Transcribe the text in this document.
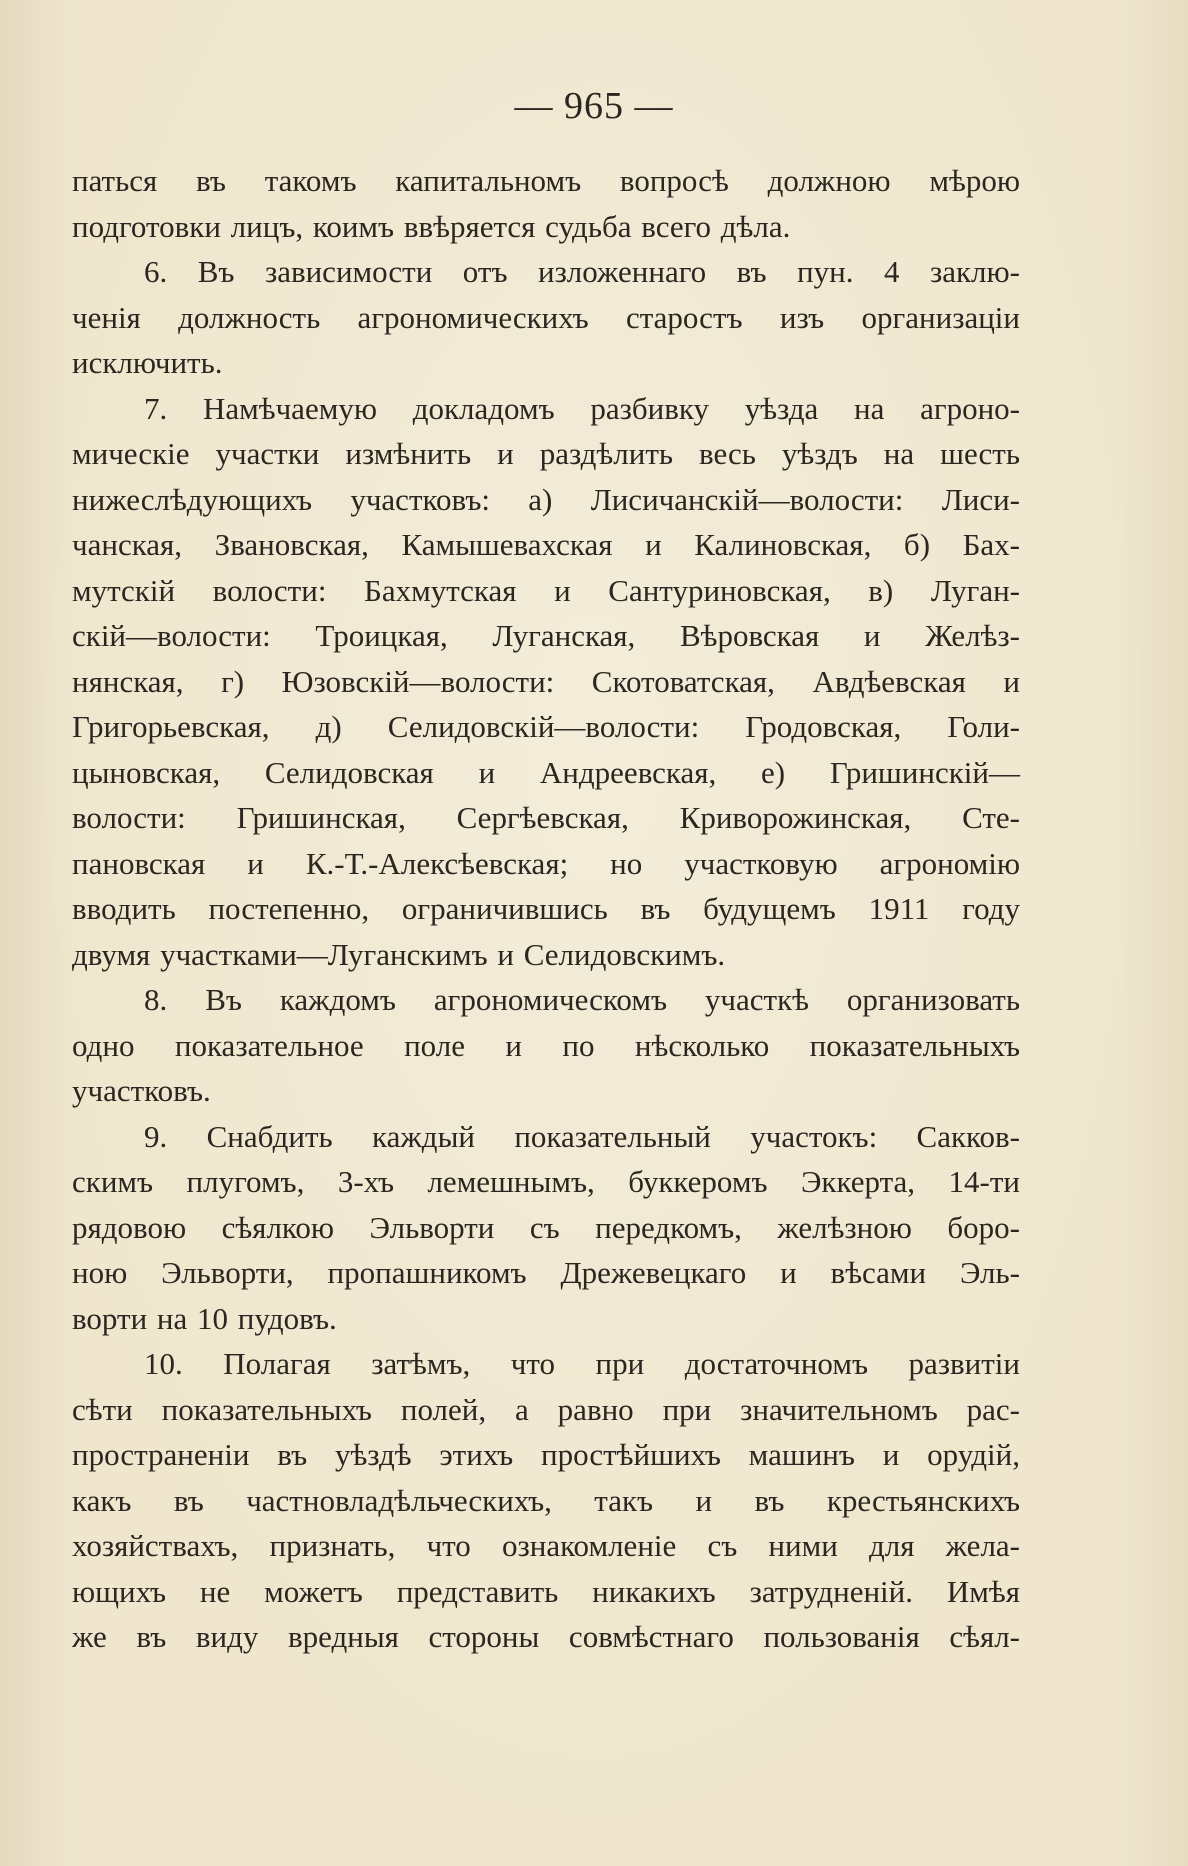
— 965 —
паться въ такомъ капитальномъ вопросѣ должною мѣрою
подготовки лицъ, коимъ ввѣряется судьба всего дѣла.
6. Въ зависимости отъ изложеннаго въ пун. 4 заклю-
ченія должность агрономическихъ старостъ изъ организаціи
исключить.
7. Намѣчаемую докладомъ разбивку уѣзда на агроно-
мическіе участки измѣнить и раздѣлить весь уѣздъ на шесть
нижеслѣдующихъ участковъ: а) Лисичанскій—волости: Лиси-
чанская, Звановская, Камышевахская и Калиновская, б) Бах-
мутскій волости: Бахмутская и Сантуриновская, в) Луган-
скій—волости: Троицкая, Луганская, Вѣровская и Желѣз-
нянская, г) Юзовскій—волости: Скотоватская, Авдѣевская и
Григорьевская, д) Селидовскій—волости: Гродовская, Голи-
цыновская, Селидовская и Андреевская, е) Гришинскій—
волости: Гришинская, Сергѣевская, Криворожинская, Сте-
пановская и К.-Т.-Алексѣевская; но участковую агрономію
вводить постепенно, ограничившись въ будущемъ 1911 году
двумя участками—Луганскимъ и Селидовскимъ.
8. Въ каждомъ агрономическомъ участкѣ организовать
одно показательное поле и по нѣсколько показательныхъ
участковъ.
9. Снабдить каждый показательный участокъ: Сакков-
скимъ плугомъ, 3-хъ лемешнымъ, буккеромъ Эккерта, 14-ти
рядовою сѣялкою Эльворти съ передкомъ, желѣзною боро-
ною Эльворти, пропашникомъ Дрежевецкаго и вѣсами Эль-
ворти на 10 пудовъ.
10. Полагая затѣмъ, что при достаточномъ развитіи
сѣти показательныхъ полей, а равно при значительномъ рас-
пространеніи въ уѣздѣ этихъ простѣйшихъ машинъ и орудій,
какъ въ частновладѣльческихъ, такъ и въ крестьянскихъ
хозяйствахъ, признать, что ознакомленіе съ ними для жела-
ющихъ не можетъ представить никакихъ затрудненій. Имѣя
же въ виду вредныя стороны совмѣстнаго пользованія сѣял-
